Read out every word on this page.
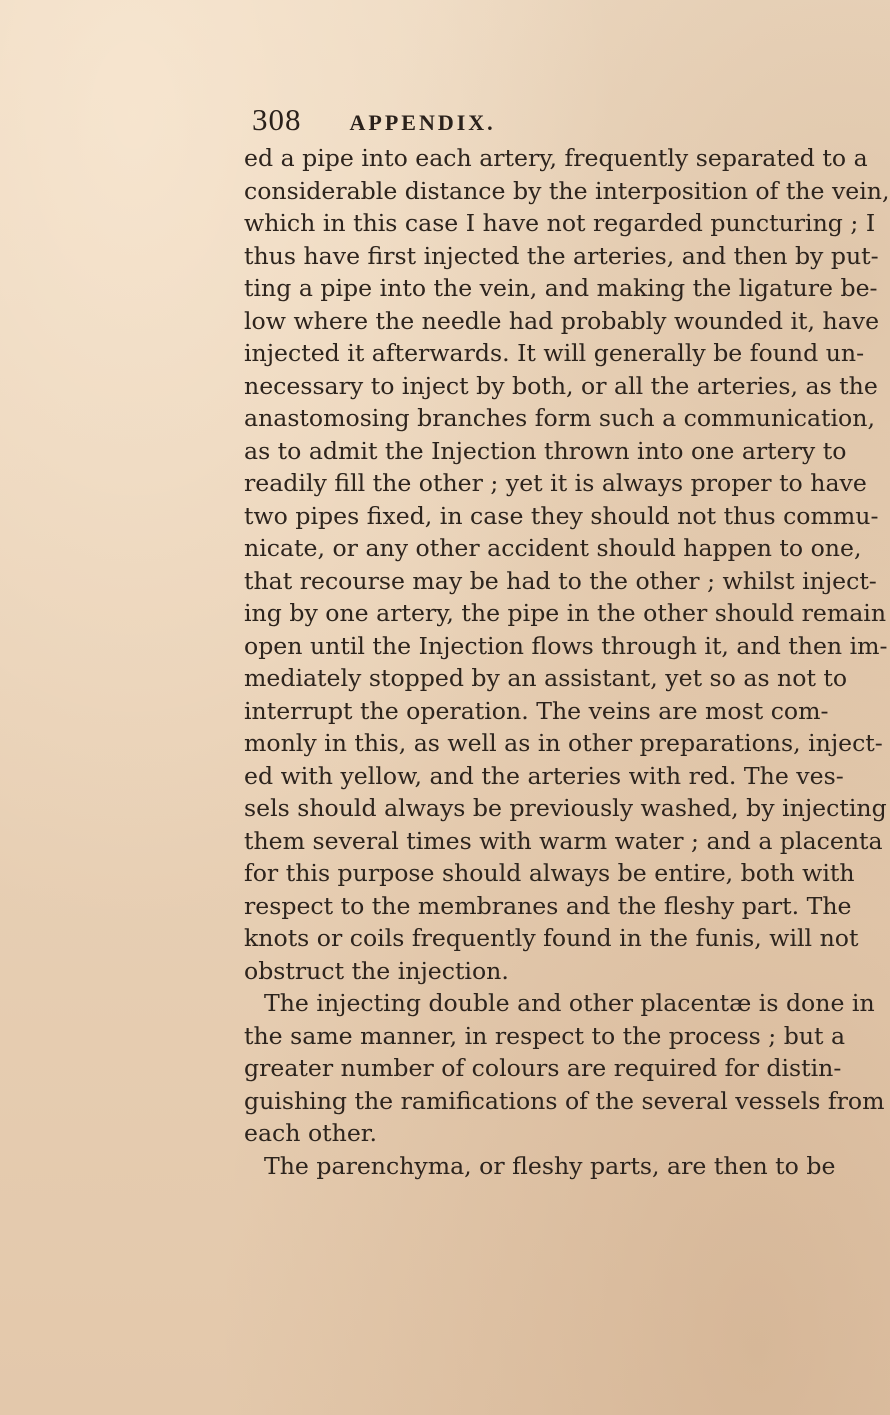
308 APPENDIX.
ed a pipe into each artery, frequently separated to a
considerable distance by the interposition of the vein,
which in this case I have not regarded puncturing ; I
thus have first injected the arteries, and then by put-
ting a pipe into the vein, and making the ligature be-
low where the needle had probably wounded it, have
injected it afterwards. It will generally be found un-
necessary to inject by both, or all the arteries, as the
anastomosing branches form such a communication,
as to admit the Injection thrown into one artery to
readily fill the other ; yet it is always proper to have
two pipes fixed, in case they should not thus commu-
nicate, or any other accident should happen to one,
that recourse may be had to the other ; whilst inject-
ing by one artery, the pipe in the other should remain
open until the Injection flows through it, and then im-
mediately stopped by an assistant, yet so as not to
interrupt the operation. The veins are most com-
monly in this, as well as in other preparations, inject-
ed with yellow, and the arteries with red. The ves-
sels should always be previously washed, by injecting
them several times with warm water ; and a placenta
for this purpose should always be entire, both with
respect to the membranes and the fleshy part. The
knots or coils frequently found in the funis, will not
obstruct the injection.
The injecting double and other placentæ is done in
the same manner, in respect to the process ; but a
greater number of colours are required for distin-
guishing the ramifications of the several vessels from
each other.
The parenchyma, or fleshy parts, are then to be
